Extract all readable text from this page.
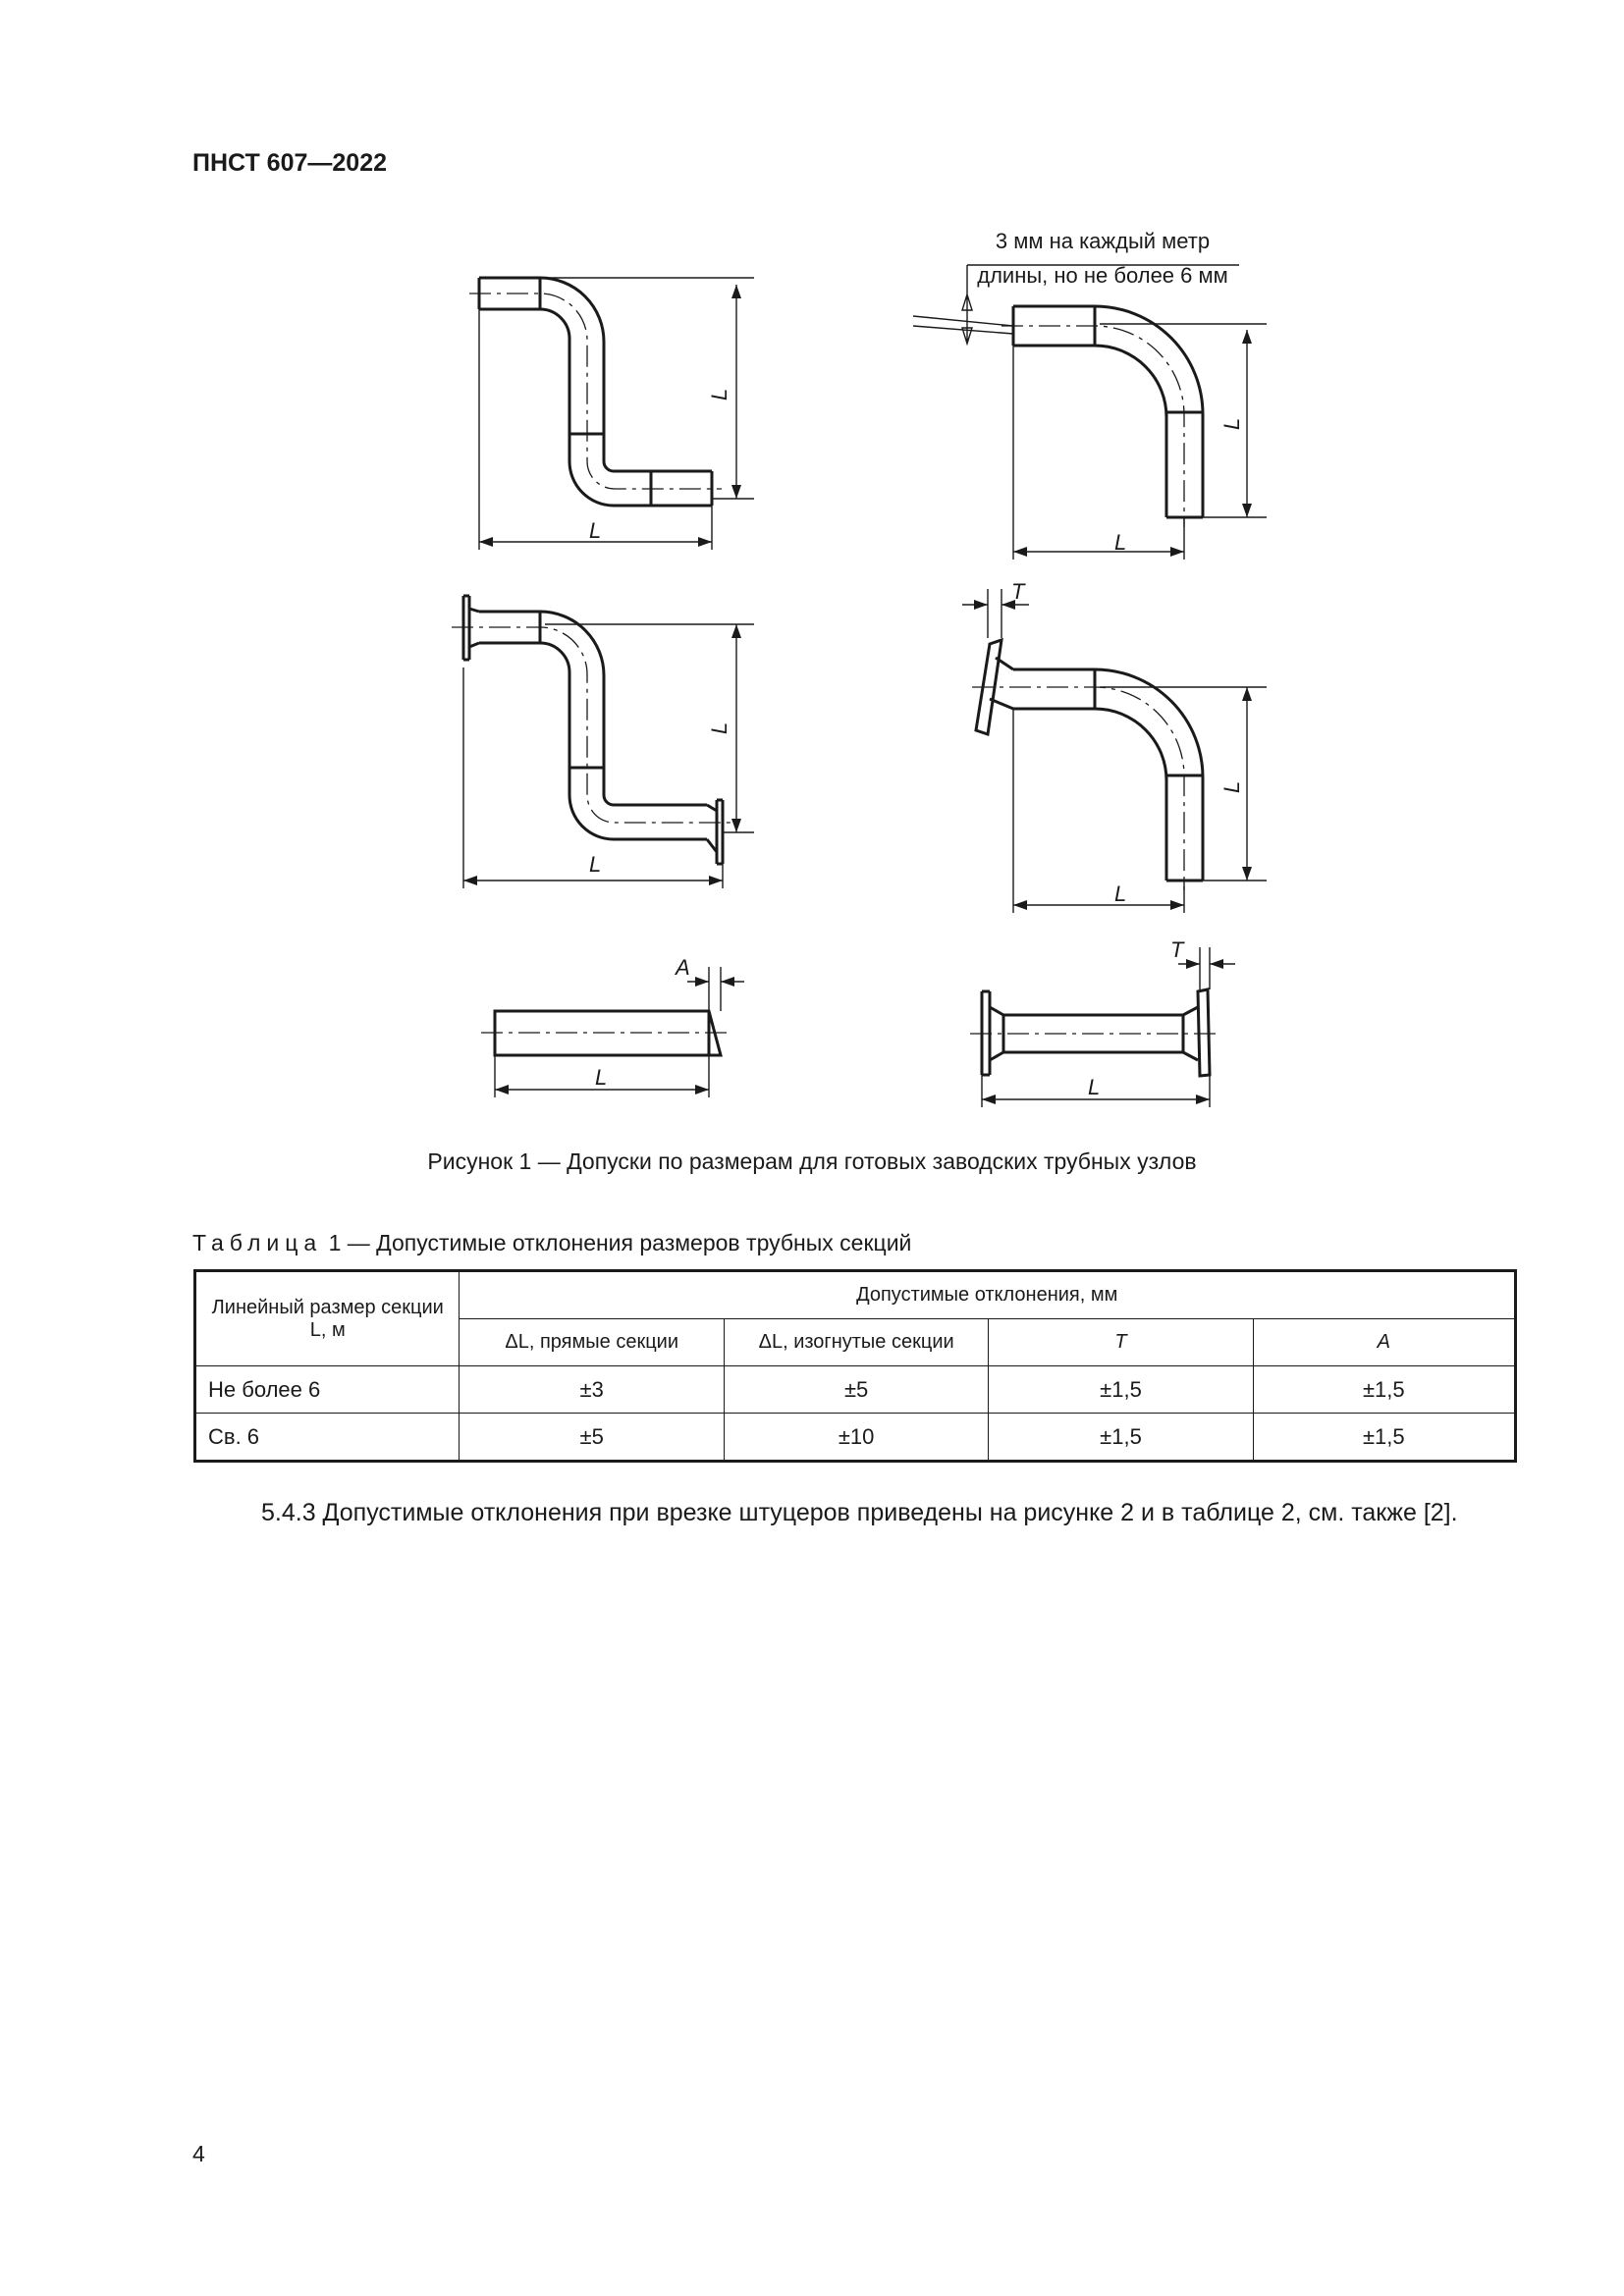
ПНСТ 607—2022
L
L
L
L
3 мм на каждый метр
длины, но не более 6 мм
L
L
L
L
T
L
A
L
T
Рисунок 1 — Допуски по размерам для готовых заводских трубных узлов
Таблица 1 — Допустимые отклонения размеров трубных секций
Линейный размер секции L, м	Допустимые отклонения, мм			
	ΔL, прямые секции	ΔL, изогнутые секции	T	A
Не более 6	±3	±5	±1,5	±1,5
Св. 6	±5	±10	±1,5	±1,5
5.4.3 Допустимые отклонения при врезке штуцеров приведены на рисунке 2 и в таблице 2, см. также [2].
4
